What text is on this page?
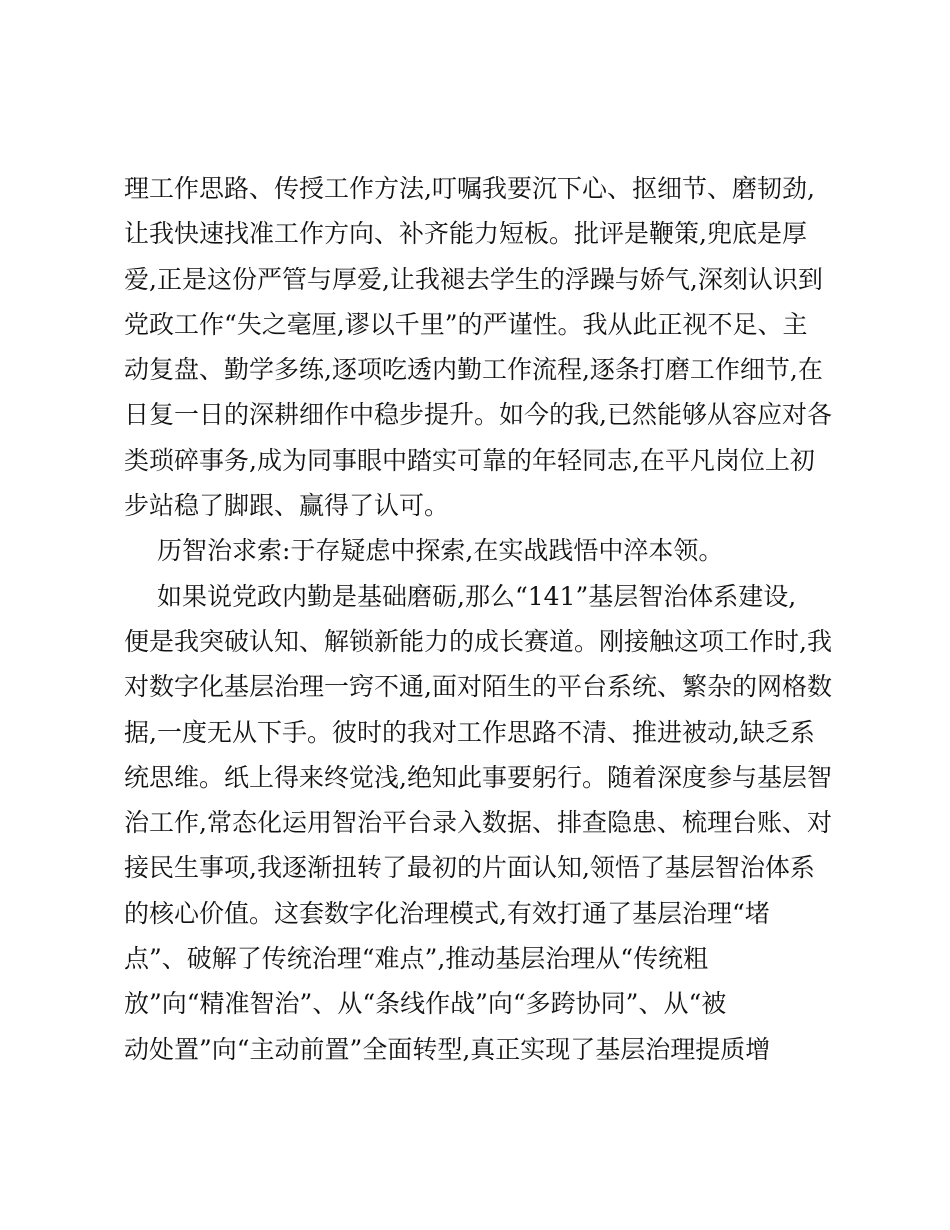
理工作思路、传授工作方法,叮嘱我要沉下心、抠细节、磨韧劲,
让我快速找准工作方向、补齐能力短板。批评是鞭策,兜底是厚
爱,正是这份严管与厚爱,让我褪去学生的浮躁与娇气,深刻认识到
党政工作“失之毫厘,谬以千里”的严谨性。我从此正视不足、主
动复盘、勤学多练,逐项吃透内勤工作流程,逐条打磨工作细节,在
日复一日的深耕细作中稳步提升。如今的我,已然能够从容应对各
类琐碎事务,成为同事眼中踏实可靠的年轻同志,在平凡岗位上初
步站稳了脚跟、赢得了认可。
历智治求索:于存疑虑中探索,在实战践悟中淬本领。
如果说党政内勤是基础磨砺,那么“141”基层智治体系建设,
便是我突破认知、解锁新能力的成长赛道。刚接触这项工作时,我
对数字化基层治理一窍不通,面对陌生的平台系统、繁杂的网格数
据,一度无从下手。彼时的我对工作思路不清、推进被动,缺乏系
统思维。纸上得来终觉浅,绝知此事要躬行。随着深度参与基层智
治工作,常态化运用智治平台录入数据、排查隐患、梳理台账、对
接民生事项,我逐渐扭转了最初的片面认知,领悟了基层智治体系
的核心价值。这套数字化治理模式,有效打通了基层治理“堵
点”、破解了传统治理“难点”,推动基层治理从“传统粗
放”向“精准智治”、从“条线作战”向“多跨协同”、从“被
动处置”向“主动前置”全面转型,真正实现了基层治理提质增
